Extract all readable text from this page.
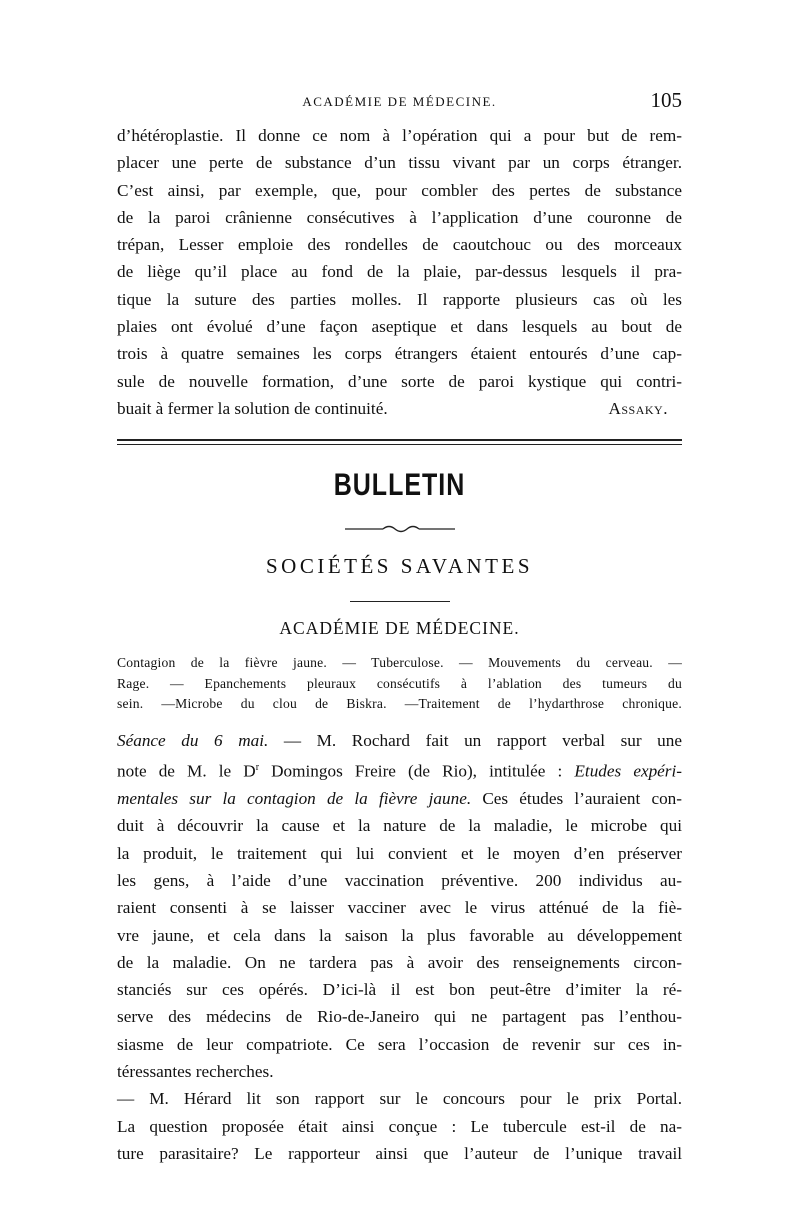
ACADÉMIE DE MÉDECINE.	105

d’hétéroplastie. Il donne ce nom à l’opération qui a pour but de rem-
placer une perte de substance d’un tissu vivant par un corps étranger.
C’est ainsi, par exemple, que, pour combler des pertes de substance
de la paroi crânienne consécutives à l’application d’une couronne de
trépan, Lesser emploie des rondelles de caoutchouc ou des morceaux
de liège qu’il place au fond de la plaie, par-dessus lesquels il pra-
tique la suture des parties molles. Il rapporte plusieurs cas où les
plaies ont évolué d’une façon aseptique et dans lesquels au bout de
trois à quatre semaines les corps étrangers étaient entourés d’une cap-
sule de nouvelle formation, d’une sorte de paroi kystique qui contri-
buait à fermer la solution de continuité.	Assaky.

BULLETIN
SOCIÉTÉS SAVANTES
ACADÉMIE DE MÉDECINE.

Contagion de la fièvre jaune. — Tuberculose. — Mouvements du cerveau. —
Rage. — Epanchements pleuraux consécutifs à l’ablation des tumeurs du
sein. —Microbe du clou de Biskra. —Traitement de l’hydarthrose chronique.

Séance du 6 mai. — M. Rochard fait un rapport verbal sur une
note de M. le $D^r$ Domingos Freire (de Rio), intitulée : Etudes expéri-
mentales sur la contagion de la fièvre jaune. Ces études l’auraient con-
duit à découvrir la cause et la nature de la maladie, le microbe qui
la produit, le traitement qui lui convient et le moyen d’en préserver
les gens, à l’aide d’une vaccination préventive. 200 individus au-
raient consenti à se laisser vacciner avec le virus atténué de la fiè-
vre jaune, et cela dans la saison la plus favorable au développement
de la maladie. On ne tardera pas à avoir des renseignements circon-
stanciés sur ces opérés. D’ici-là il est bon peut-être d’imiter la ré-
serve des médecins de Rio-de-Janeiro qui ne partagent pas l’enthou-
siasme de leur compatriote. Ce sera l’occasion de revenir sur ces in-
téressantes recherches.
— M. Hérard lit son rapport sur le concours pour le prix Portal.
La question proposée était ainsi conçue : Le tubercule est-il de na-
ture parasitaire? Le rapporteur ainsi que l’auteur de l’unique travail
